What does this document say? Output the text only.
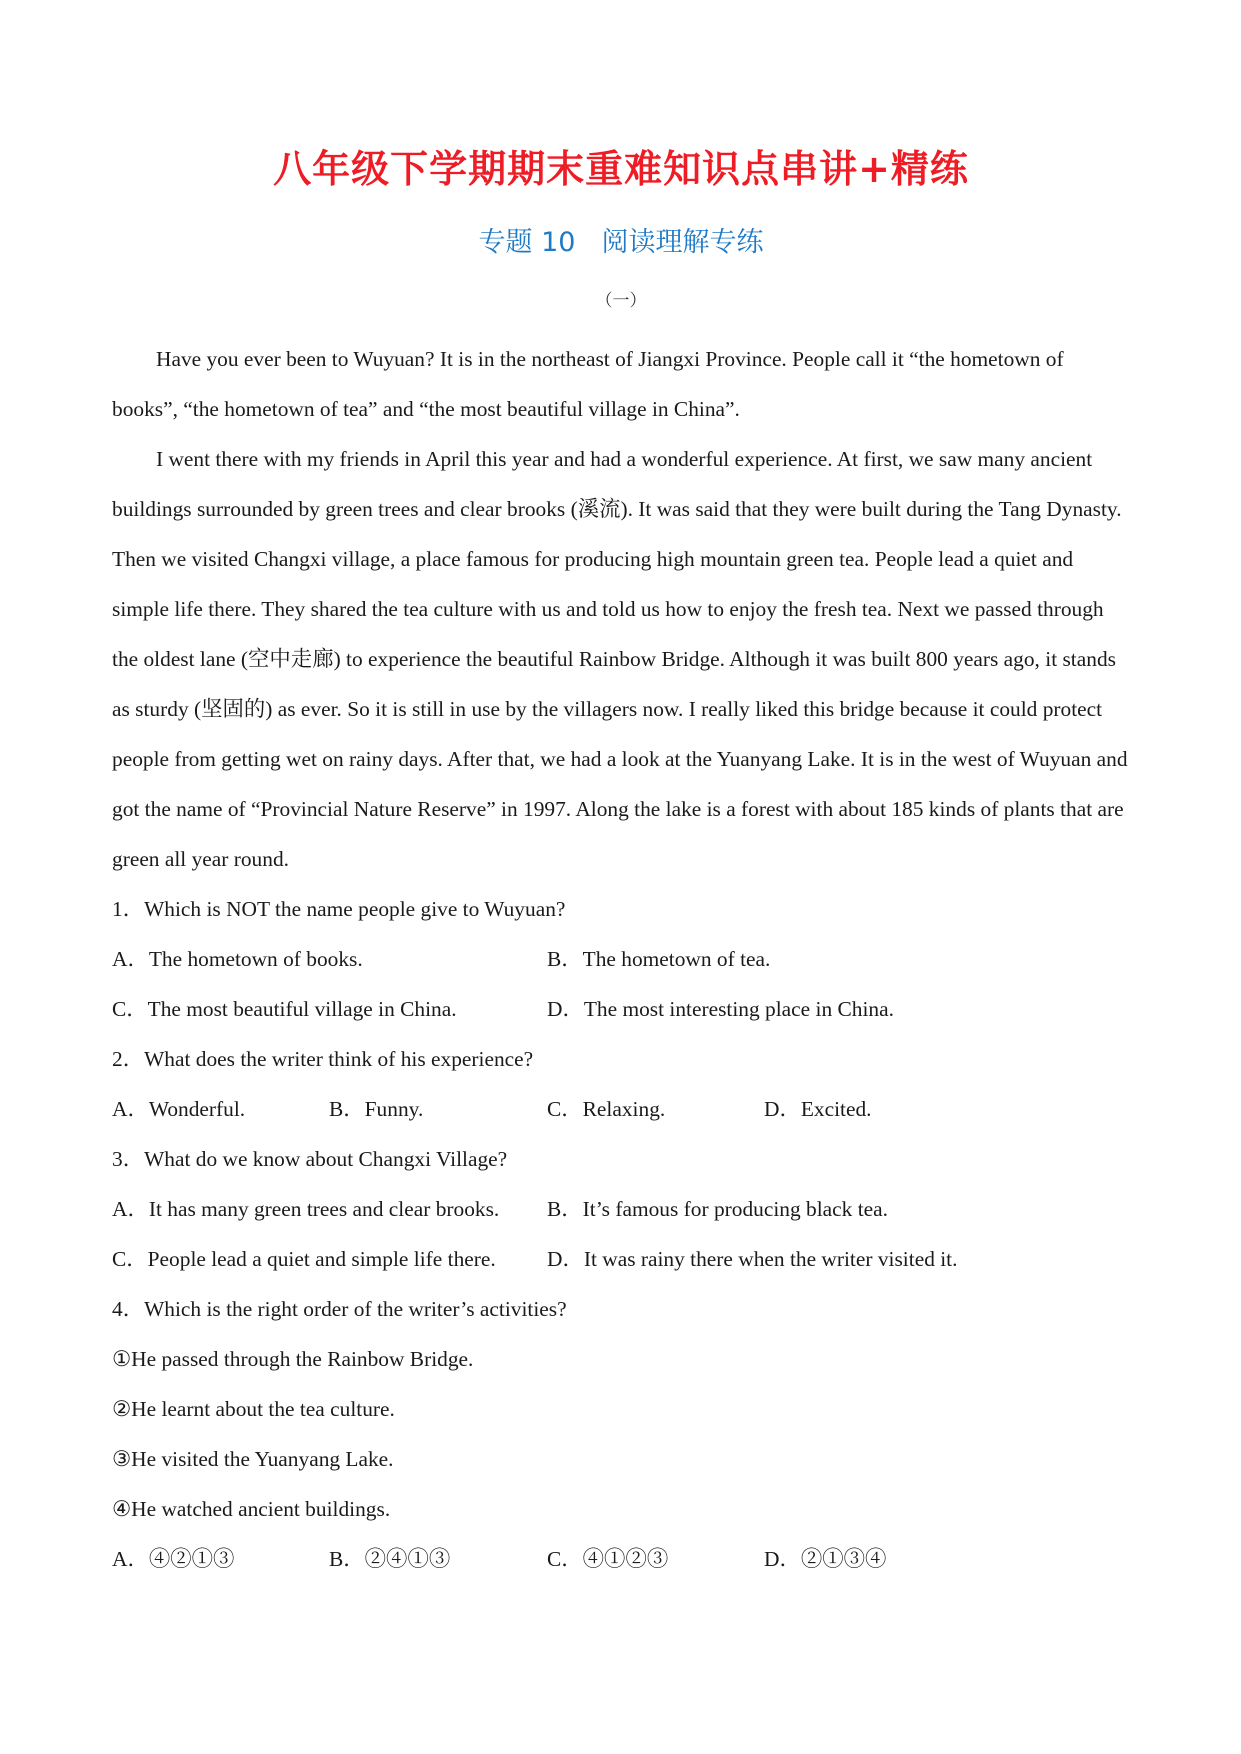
八年级下学期期末重难知识点串讲+精练
专题 10 阅读理解专练
（一）

Have you ever been to Wuyuan? It is in the northeast of Jiangxi Province. People call it “the hometown of books”, “the hometown of tea” and “the most beautiful village in China”.

I went there with my friends in April this year and had a wonderful experience. At first, we saw many ancient buildings surrounded by green trees and clear brooks (溪流). It was said that they were built during the Tang Dynasty. Then we visited Changxi village, a place famous for producing high mountain green tea. People lead a quiet and simple life there. They shared the tea culture with us and told us how to enjoy the fresh tea. Next we passed through the oldest lane (空中走廊) to experience the beautiful Rainbow Bridge. Although it was built 800 years ago, it stands as sturdy (坚固的) as ever. So it is still in use by the villagers now. I really liked this bridge because it could protect people from getting wet on rainy days. After that, we had a look at the Yuanyang Lake. It is in the west of Wuyuan and got the name of “Provincial Nature Reserve” in 1997. Along the lake is a forest with about 185 kinds of plants that are green all year round.

1．Which is NOT the name people give to Wuyuan?
A．The hometown of books.	B．The hometown of tea.
C．The most beautiful village in China.	D．The most interesting place in China.
2．What does the writer think of his experience?
A．Wonderful.	B．Funny.	C．Relaxing.	D．Excited.
3．What do we know about Changxi Village?
A．It has many green trees and clear brooks. B．It’s famous for producing black tea.
C．People lead a quiet and simple life there. D．It was rainy there when the writer visited it.
4．Which is the right order of the writer’s activities?
①He passed through the Rainbow Bridge.
②He learnt about the tea culture.
③He visited the Yuanyang Lake.
④He watched ancient buildings.
A．④②①③	B．②④①③	C．④①②③	D．②①③④
